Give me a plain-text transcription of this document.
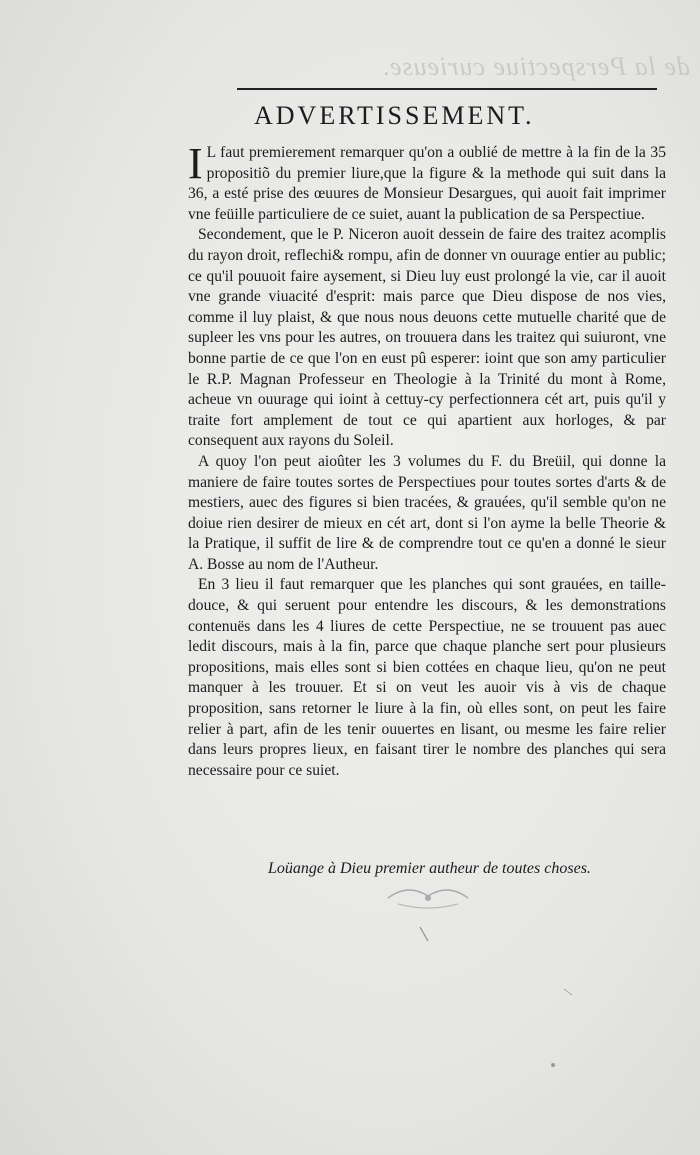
de la Perspectiue curieuse.
ADVERTISSEMENT.

I L faut premierement remarquer qu'on a oublié de mettre à la fin de la 35 propositiõ du premier liure,que la figure & la methode qui suit dans la 36, a esté prise des œuures de Monsieur Desargues, qui auoit fait imprimer vne feüille particuliere de ce suiet, auant la publication de sa Perspectiue.

Secondement, que le P. Niceron auoit dessein de faire des traitez acomplis du rayon droit, reflechi& rompu, afin de donner vn ouurage entier au public; ce qu'il pouuoit faire aysement, si Dieu luy eust prolongé la vie, car il auoit vne grande viuacité d'esprit: mais parce que Dieu dispose de nos vies, comme il luy plaist, & que nous nous deuons cette mutuelle charité que de supleer les vns pour les autres, on trouuera dans les traitez qui suiuront, vne bonne partie de ce que l'on en eust pû esperer: ioint que son amy particulier le R.P. Magnan Professeur en Theologie à la Trinité du mont à Rome, acheue vn ouurage qui ioint à cettuy-cy perfectionnera cét art, puis qu'il y traite fort amplement de tout ce qui apartient aux horloges, & par consequent aux rayons du Soleil.

A quoy l'on peut aioûter les 3 volumes du F. du Breüil, qui donne la maniere de faire toutes sortes de Perspectiues pour toutes sortes d'arts & de mestiers, auec des figures si bien tracées, & grauées, qu'il semble qu'on ne doiue rien desirer de mieux en cét art, dont si l'on ayme la belle Theorie & la Pratique, il suffit de lire & de comprendre tout ce qu'en a donné le sieur A. Bosse au nom de l'Autheur.

En 3 lieu il faut remarquer que les planches qui sont grauées, en taille-douce, & qui seruent pour entendre les discours, & les demonstrations contenuës dans les 4 liures de cette Perspectiue, ne se trouuent pas auec ledit discours, mais à la fin, parce que chaque planche sert pour plusieurs propositions, mais elles sont si bien cottées en chaque lieu, qu'on ne peut manquer à les trouuer. Et si on veut les auoir vis à vis de chaque proposition, sans retorner le liure à la fin, où elles sont, on peut les faire relier à part, afin de les tenir ouuertes en lisant, ou mesme les faire relier dans leurs propres lieux, en faisant tirer le nombre des planches qui sera necessaire pour ce suiet.

Loüange à Dieu premier autheur de toutes choses.
